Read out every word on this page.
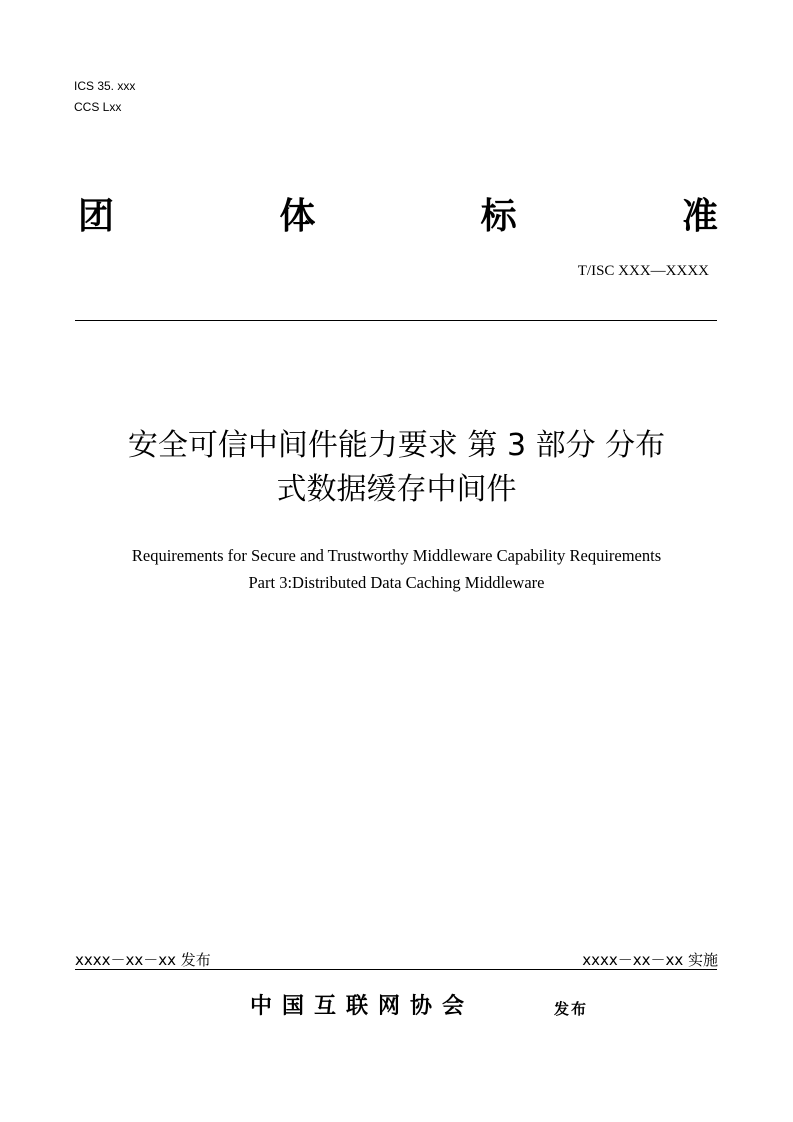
ICS 35. xxx
CCS Lxx
团	体	标	准
T/ISC XXX—XXXX
安全可信中间件能力要求 第 3 部分 分布
式数据缓存中间件
Requirements for Secure and Trustworthy Middleware Capability Requirements
Part 3:Distributed Data Caching Middleware
xxxx－xx－xx 发布	xxxx－xx－xx 实施
中国互联网协会	发布
